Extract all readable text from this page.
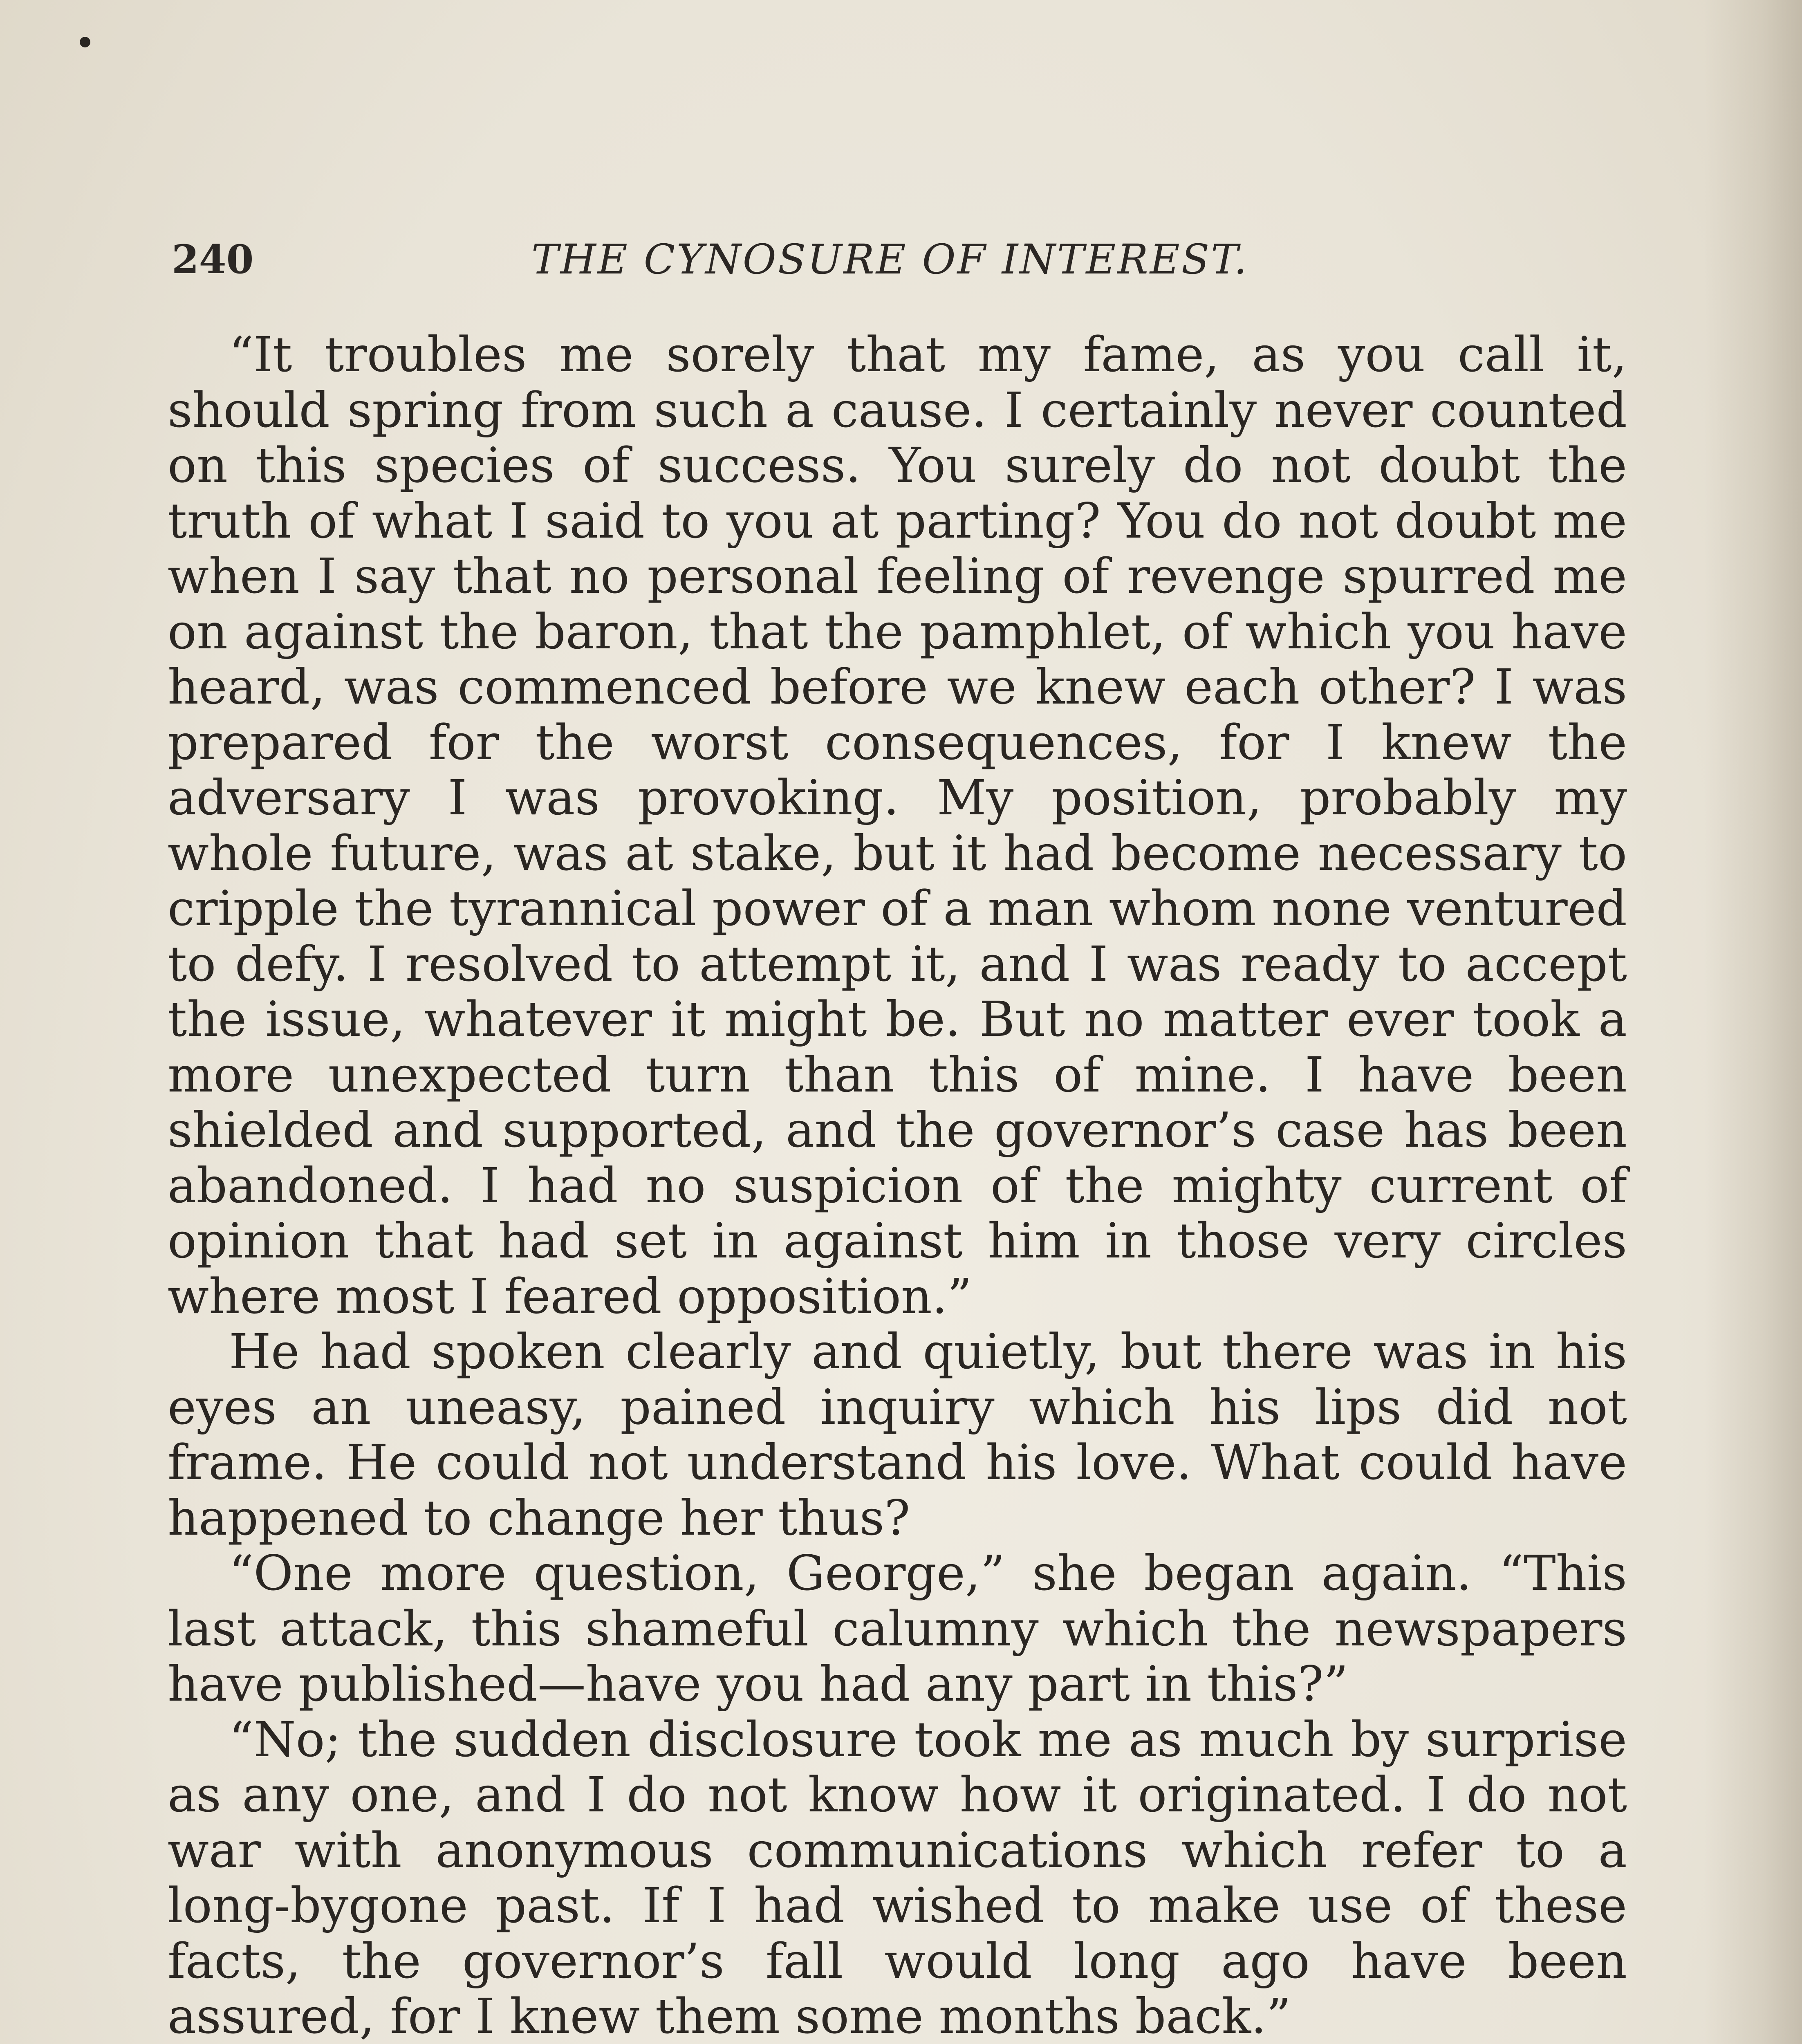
240	THE CYNOSURE OF INTEREST.

“It troubles me sorely that my fame, as you call it, should spring from such a cause. I certainly never counted on this species of success. You surely do not doubt the truth of what I said to you at parting? You do not doubt me when I say that no personal feeling of revenge spurred me on against the baron, that the pamphlet, of which you have heard, was commenced before we knew each other? I was prepared for the worst consequences, for I knew the adversary I was provoking. My position, probably my whole future, was at stake, but it had become necessary to cripple the tyrannical power of a man whom none ventured to defy. I resolved to attempt it, and I was ready to accept the issue, whatever it might be. But no matter ever took a more unexpected turn than this of mine. I have been shielded and supported, and the governor’s case has been abandoned. I had no suspicion of the mighty current of opinion that had set in against him in those very circles where most I feared opposition.”

He had spoken clearly and quietly, but there was in his eyes an uneasy, pained inquiry which his lips did not frame. He could not understand his love. What could have happened to change her thus?

“One more question, George,” she began again. “This last attack, this shameful calumny which the newspapers have published—have you had any part in this?”

“No; the sudden disclosure took me as much by surprise as any one, and I do not know how it originated. I do not war with anonymous communications which refer to a long-bygone past. If I had wished to make use of these facts, the governor’s fall would long ago have been assured, for I knew them some months back.”
